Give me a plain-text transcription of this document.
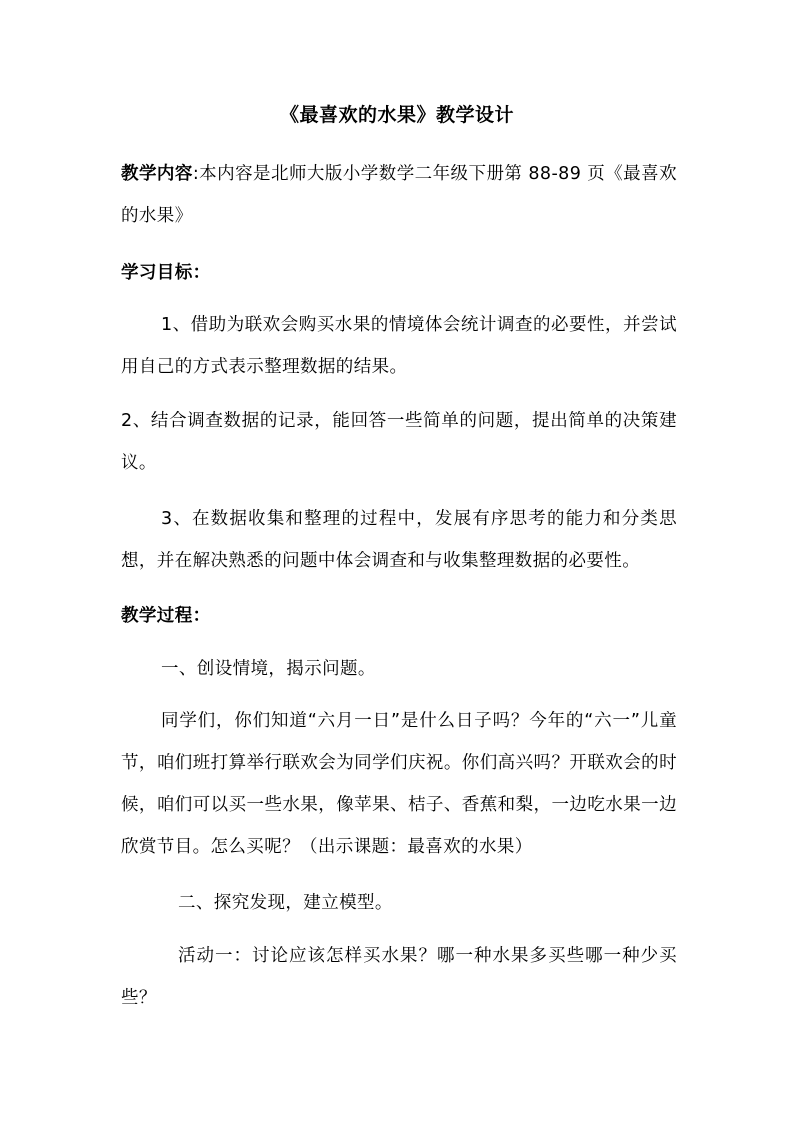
《最喜欢的水果》教学设计
教学内容:本内容是北师大版小学数学二年级下册第 88-89 页《最喜欢的水果》
学习目标：
1、借助为联欢会购买水果的情境体会统计调查的必要性，并尝试用自己的方式表示整理数据的结果。
2、结合调查数据的记录，能回答一些简单的问题，提出简单的决策建议。
3、在数据收集和整理的过程中，发展有序思考的能力和分类思想，并在解决熟悉的问题中体会调查和与收集整理数据的必要性。
教学过程：
一、创设情境，揭示问题。
同学们，你们知道“六月一日”是什么日子吗？今年的“六一”儿童节，咱们班打算举行联欢会为同学们庆祝。你们高兴吗？开联欢会的时候，咱们可以买一些水果，像苹果、桔子、香蕉和梨，一边吃水果一边欣赏节目。怎么买呢？（出示课题：最喜欢的水果）
二、探究发现，建立模型。
活动一：讨论应该怎样买水果？哪一种水果多买些哪一种少买些？
